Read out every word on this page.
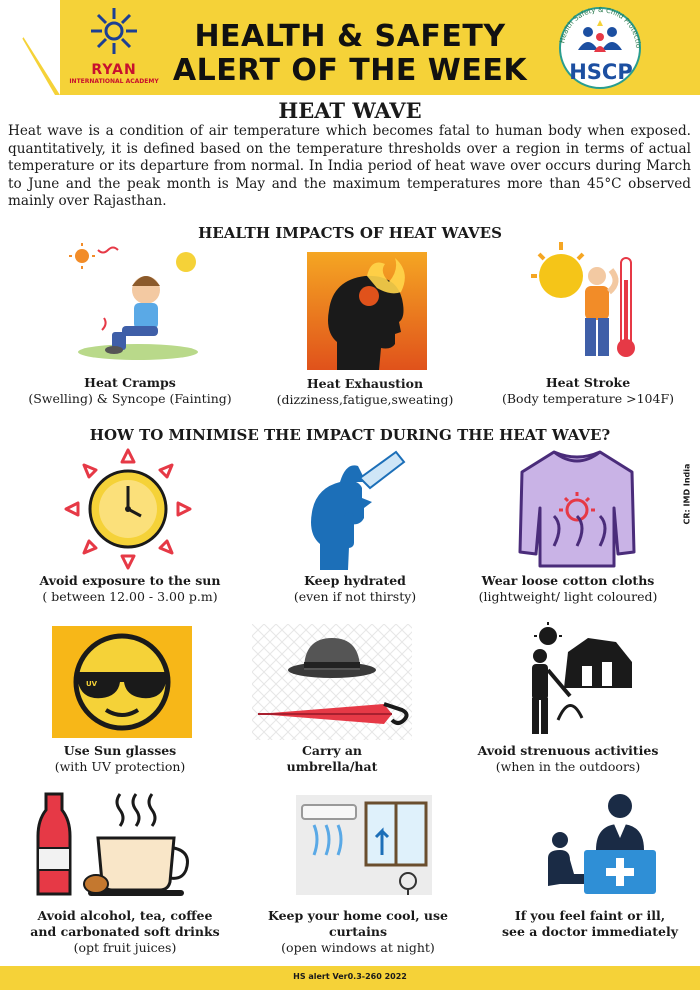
RYAN
INTERNATIONAL ACADEMY
HEALTH & SAFETY
ALERT OF THE WEEK
Health Safety & Child Protectio
HSCP
HEAT WAVE
Heat wave is a condition of air temperature which becomes fatal to human body when exposed. quantitatively, it is defined based on the temperature thresholds over a region in terms of actual temperature or its departure from normal. In India period of heat wave over occurs during March to June and the peak month is May and the maximum temperatures more than 45°C observed mainly over Rajasthan.
HEALTH IMPACTS OF HEAT WAVES
Heat Cramps
(Swelling) & Syncope (Fainting)
Heat Exhaustion
(dizziness,fatigue,sweating)
Heat Stroke
(Body temperature >104F)
HOW TO MINIMISE THE IMPACT DURING THE HEAT WAVE?
Avoid exposure to the sun
( between 12.00 - 3.00 p.m)
Keep hydrated
(even if not thirsty)
Wear loose cotton cloths
(lightweight/ light coloured)
UV
Use Sun glasses
(with UV protection)
Carry an
umbrella/hat
Avoid strenuous activities
(when in the outdoors)
Avoid alcohol, tea, coffee
and carbonated soft drinks
(opt fruit juices)
Keep your home cool, use curtains
(open windows at night)
If you feel faint or ill,
see a doctor immediately
CR: IMD India
HS alert Ver0.3-260 2022
